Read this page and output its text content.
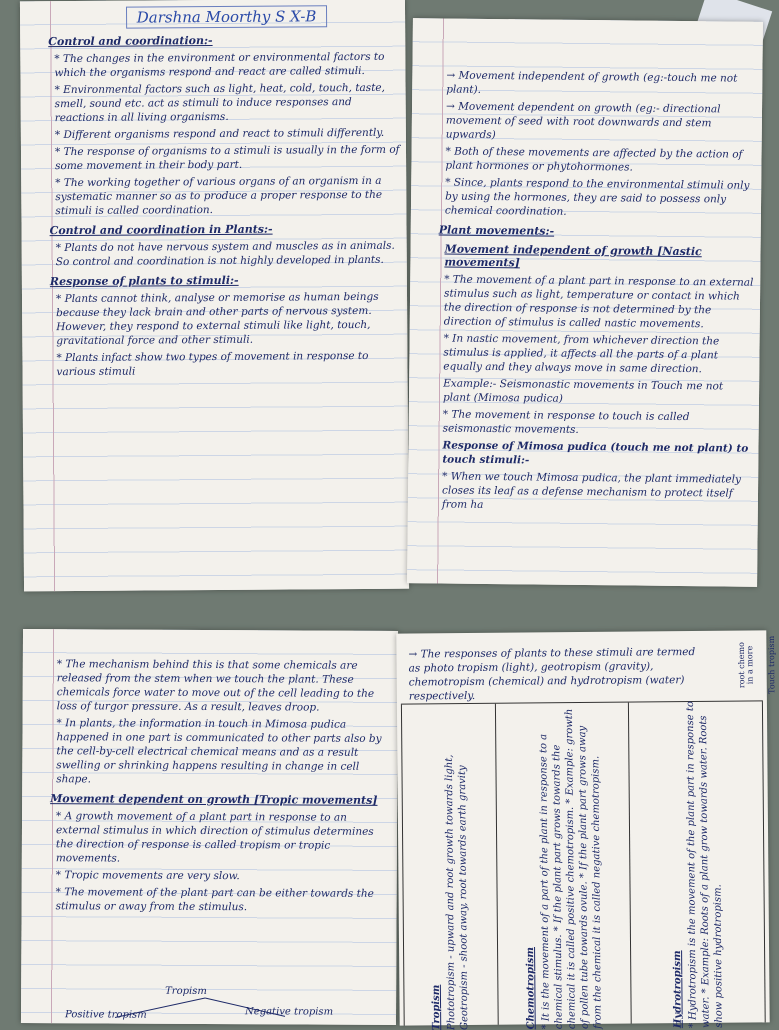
Darshna Moorthy S X-B
Control and coordination:-

* The changes in the environment or environmental factors to which the organisms respond and react are called stimuli.

* Environmental factors such as light, heat, cold, touch, taste, smell, sound etc. act as stimuli to induce responses and reactions in all living organisms.

* Different organisms respond and react to stimuli differently.

* The response of organisms to a stimuli is usually in the form of some movement in their body part.

* The working together of various organs of an organism in a systematic manner so as to produce a proper response to the stimuli is called coordination.

Control and coordination in Plants:-

* Plants do not have nervous system and muscles as in animals. So control and coordination is not highly developed in plants.

Response of plants to stimuli:-

* Plants cannot think, analyse or memorise as human beings because they lack brain and other parts of nervous system. However, they respond to external stimuli like light, touch, gravitational force and other stimuli.

* Plants infact show two types of movement in response to various stimuli

→ Movement independent of growth (eg:-touch me not plant).

→ Movement dependent on growth (eg:- directional movement of seed with root downwards and stem upwards)

* Both of these movements are affected by the action of plant hormones or phytohormones.

* Since, plants respond to the environmental stimuli only by using the hormones, they are said to possess only chemical coordination.

Plant movements:-
Movement independent of growth [Nastic movements]

* The movement of a plant part in response to an external stimulus such as light, temperature or contact in which the direction of response is not determined by the direction of stimulus is called nastic movements.

* In nastic movement, from whichever direction the stimulus is applied, it affects all the parts of a plant equally and they always move in same direction.

Example:- Seismonastic movements in Touch me not plant (Mimosa pudica)

* The movement in response to touch is called seismonastic movements.

Response of Mimosa pudica (touch me not plant) to touch stimuli:-

* When we touch Mimosa pudica, the plant immediately closes its leaf as a defense mechanism to protect itself from ha

* The mechanism behind this is that some chemicals are released from the stem when we touch the plant. These chemicals force water to move out of the cell leading to the loss of turgor pressure. As a result, leaves droop.

* In plants, the information in touch in Mimosa pudica happened in one part is communicated to other parts also by the cell-by-cell electrical chemical means and as a result swelling or shrinking happens resulting in change in cell shape.

Movement dependent on growth [Tropic movements]

* A growth movement of a plant part in response to an external stimulus in which direction of stimulus determines the direction of response is called tropism or tropic movements.

* Tropic movements are very slow.

* The movement of the plant part can be either towards the stimulus or away from the stimulus.

Tropism
Positive tropism	Negative tropism

→ The responses of plants to these stimuli are termed as photo tropism (light), geotropism (gravity), chemotropism (chemical) and hydrotropism (water) respectively.

root chemo
in a more Touch tropism
Tropism Phototropism - upward and root growth towards light, Geotropism - shoot away, root towards earth gravity	Chemotropism * It is the movement of a part of the plant in response to a chemical stimulus. * If the plant part grows towards the chemical it is called positive chemotropism. * Example: growth of pollen tube towards ovule. * If the plant part grows away from the chemical it is called negative chemotropism.	Hydrotropism * Hydrotropism is the movement of the plant part in response to water. * Example: Roots of a plant grow towards water. Roots show positive hydrotropism.
